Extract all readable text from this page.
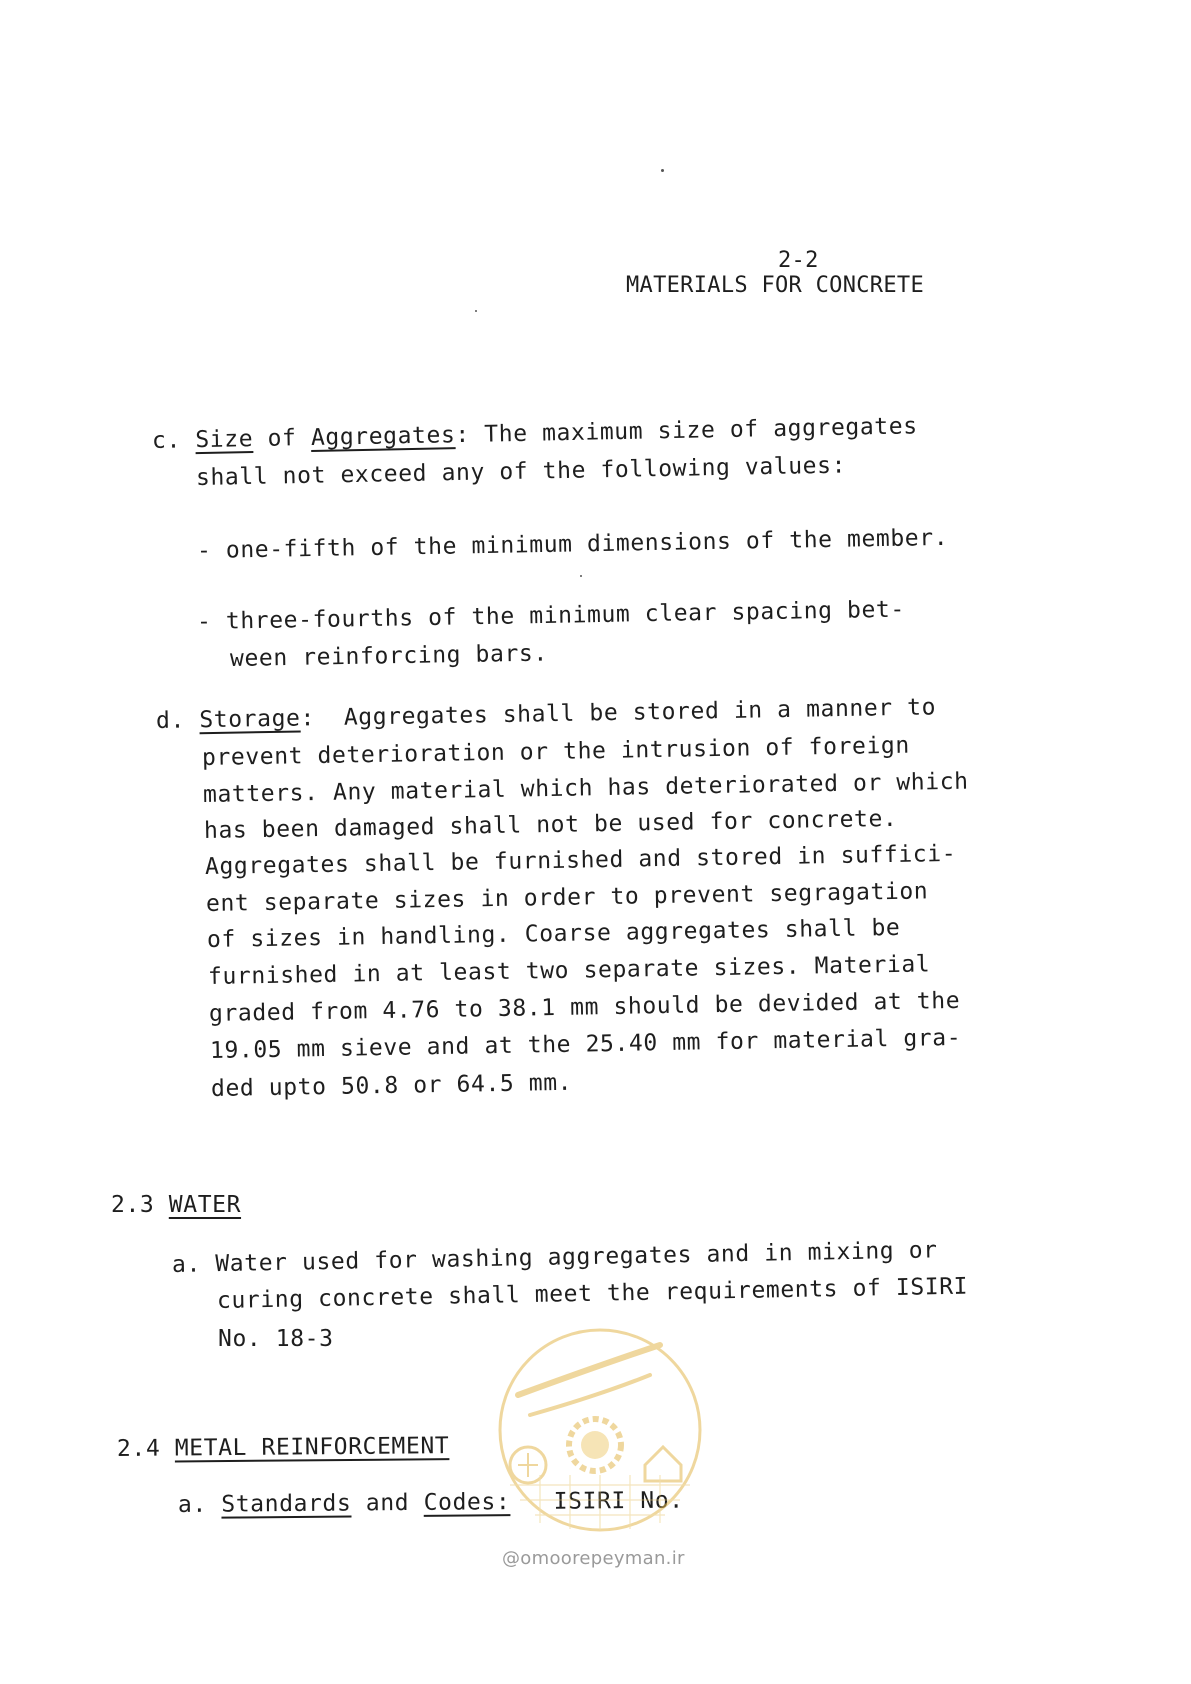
2-2
MATERIALS FOR CONCRETE
c. Size of Aggregates: The maximum size of aggregates
shall not exceed any of the following values:
- one-fifth of the minimum dimensions of the member.
- three-fourths of the minimum clear spacing bet-
ween reinforcing bars.
d. Storage: Aggregates shall be stored in a manner to
prevent deterioration or the intrusion of foreign
matters. Any material which has deteriorated or which
has been damaged shall not be used for concrete.
Aggregates shall be furnished and stored in suffici-
ent separate sizes in order to prevent segragation
of sizes in handling. Coarse aggregates shall be
furnished in at least two separate sizes. Material
graded from 4.76 to 38.1 mm should be devided at the
19.05 mm sieve and at the 25.40 mm for material gra-
ded upto 50.8 or 64.5 mm.
2.3 WATER
a. Water used for washing aggregates and in mixing or
curing concrete shall meet the requirements of ISIRI
No. 18-3
2.4 METAL REINFORCEMENT
a. Standards and Codes: ISIRI No.
@omoorepeyman.ir
